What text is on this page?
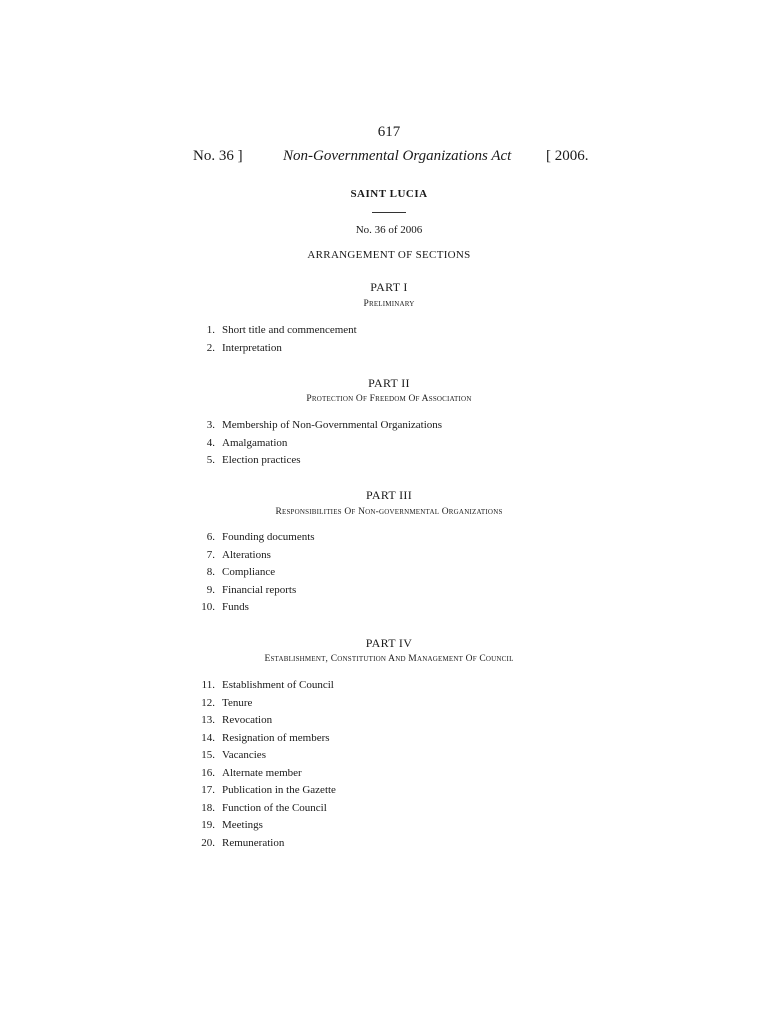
617
No. 36 ]	Non-Governmental Organizations Act [ 2006.
SAINT LUCIA
No. 36 of 2006
ARRANGEMENT OF SECTIONS
PART I
Preliminary
1. Short title and commencement
2. Interpretation
PART II
Protection Of Freedom Of Association
3. Membership of Non-Governmental Organizations
4. Amalgamation
5. Election practices
PART III
Responsibilities Of Non-governmental Organizations
6. Founding documents
7. Alterations
8. Compliance
9. Financial reports
10. Funds
PART IV
Establishment, Constitution And Management Of Council
11. Establishment of Council
12. Tenure
13. Revocation
14. Resignation of members
15. Vacancies
16. Alternate member
17. Publication in the Gazette
18. Function of the Council
19. Meetings
20. Remuneration
